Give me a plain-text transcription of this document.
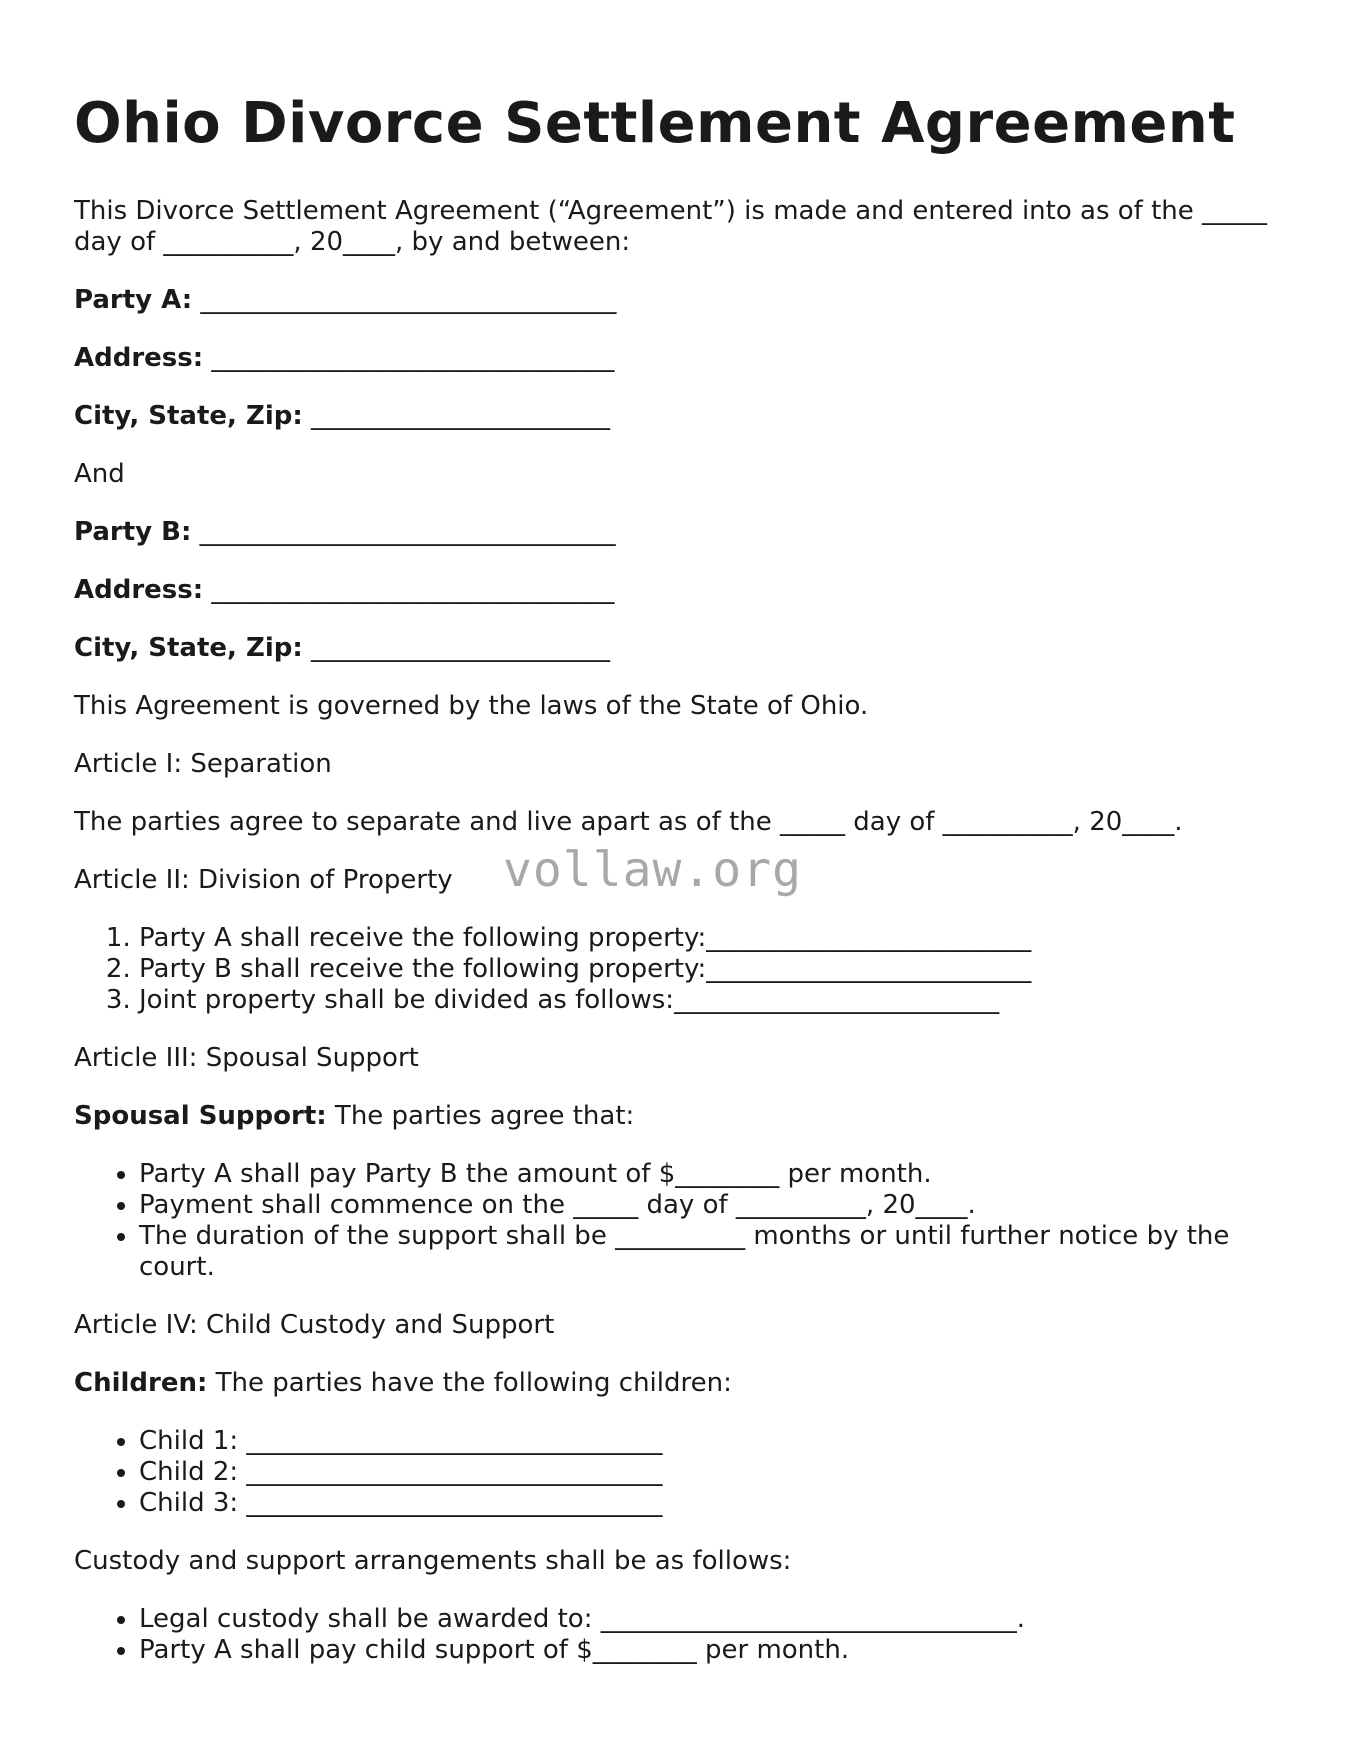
Ohio Divorce Settlement Agreement

This Divorce Settlement Agreement (“Agreement”) is made and entered into as of the _____ day of __________, 20____, by and between:

Party A: ________________________________

Address: _______________________________

City, State, Zip: _______________________

And

Party B: ________________________________

Address: _______________________________

City, State, Zip: _______________________

This Agreement is governed by the laws of the State of Ohio.

Article I: Separation

The parties agree to separate and live apart as of the _____ day of __________, 20____.

Article II: Division of Property

1. Party A shall receive the following property:_________________________
2. Party B shall receive the following property:_________________________
3. Joint property shall be divided as follows:_________________________

Article III: Spousal Support

Spousal Support: The parties agree that:

• Party A shall pay Party B the amount of $________ per month.
• Payment shall commence on the _____ day of __________, 20____.
• The duration of the support shall be __________ months or until further notice by the court.

Article IV: Child Custody and Support

Children: The parties have the following children:

• Child 1: ________________________________
• Child 2: ________________________________
• Child 3: ________________________________

Custody and support arrangements shall be as follows:

• Legal custody shall be awarded to: ________________________________.
• Party A shall pay child support of $________ per month.
vollaw.org
